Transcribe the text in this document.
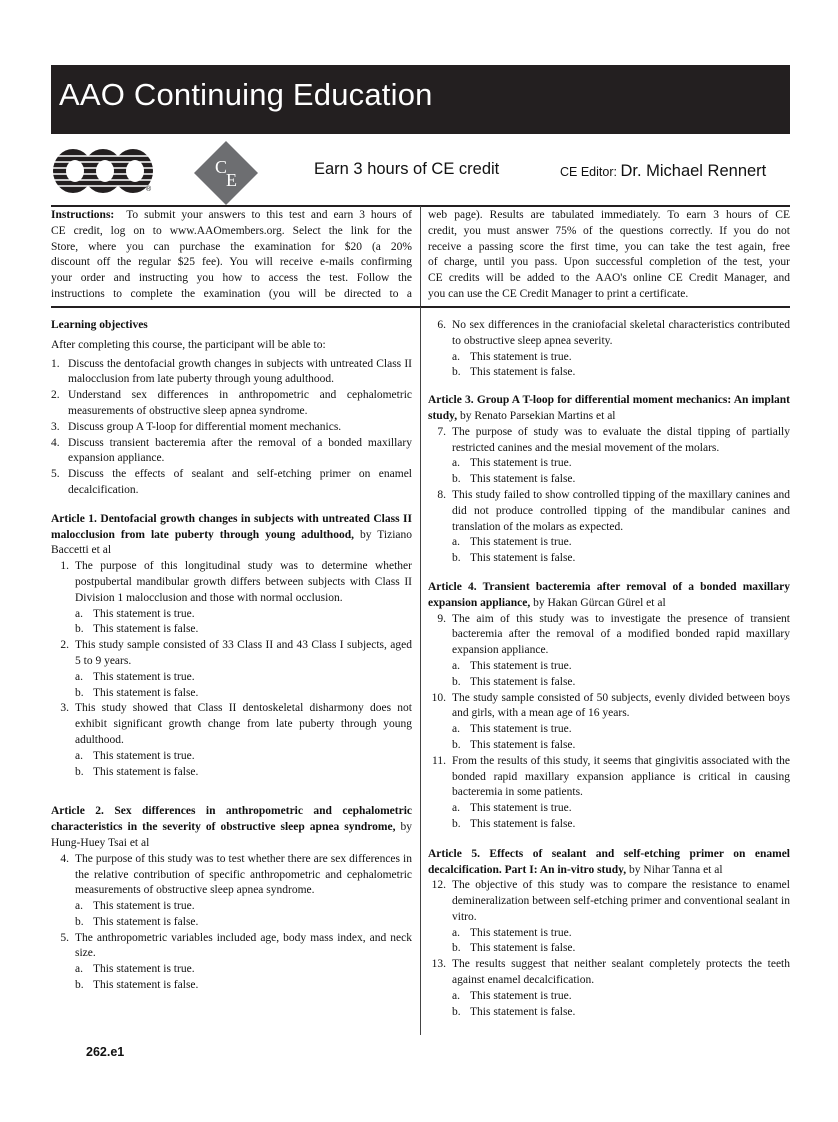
AAO Continuing Education
®
C
E
Earn 3 hours of CE credit	CE Editor: Dr. Michael Rennert
Instructions: To submit your answers to this test and earn 3 hours of
CE credit, log on to www.AAOmembers.org. Select the link for the
Store, where you can purchase the examination for $20 (a 20%
discount off the regular $25 fee). You will receive e-mails confirming
your order and instructing you how to access the test. Follow the
instructions to complete the examination (you will be directed to a
web page). Results are tabulated immediately. To earn 3 hours of CE
credit, you must answer 75% of the questions correctly. If you do not
receive a passing score the first time, you can take the test again, free
of charge, until you pass. Upon successful completion of the test, your
CE credits will be added to the AAO's online CE Credit Manager, and
you can use the CE Credit Manager to print a certificate.
Learning objectives
After completing this course, the participant will be able to:
1. Discuss the dentofacial growth changes in subjects with untreated Class II malocclusion from late puberty through young adulthood.
2. Understand sex differences in anthropometric and cephalometric measurements of obstructive sleep apnea syndrome.
3. Discuss group A T-loop for differential moment mechanics.
4. Discuss transient bacteremia after the removal of a bonded maxillary expansion appliance.
5. Discuss the effects of sealant and self-etching primer on enamel decalcification.
Article 1. Dentofacial growth changes in subjects with untreated Class II malocclusion from late puberty through young adulthood, by Tiziano Baccetti et al
1. The purpose of this longitudinal study was to determine whether postpubertal mandibular growth differs between subjects with Class II Division 1 malocclusion and those with normal occlusion.
a. This statement is true.
b. This statement is false.
2. This study sample consisted of 33 Class II and 43 Class I subjects, aged 5 to 9 years.
a. This statement is true.
b. This statement is false.
3. This study showed that Class II dentoskeletal disharmony does not exhibit significant growth change from late puberty through young adulthood.
a. This statement is true.
b. This statement is false.
Article 2. Sex differences in anthropometric and cephalometric characteristics in the severity of obstructive sleep apnea syndrome, by Hung-Huey Tsai et al
4. The purpose of this study was to test whether there are sex differences in the relative contribution of specific anthropometric and cephalometric measurements of obstructive sleep apnea syndrome.
a. This statement is true.
b. This statement is false.
5. The anthropometric variables included age, body mass index, and neck size.
a. This statement is true.
b. This statement is false.
6. No sex differences in the craniofacial skeletal characteristics contributed to obstructive sleep apnea severity.
a. This statement is true.
b. This statement is false.
Article 3. Group A T-loop for differential moment mechanics: An implant study, by Renato Parsekian Martins et al
7. The purpose of study was to evaluate the distal tipping of partially restricted canines and the mesial movement of the molars.
a. This statement is true.
b. This statement is false.
8. This study failed to show controlled tipping of the maxillary canines and did not produce controlled tipping of the mandibular canines and translation of the molars as expected.
a. This statement is true.
b. This statement is false.
Article 4. Transient bacteremia after removal of a bonded maxillary expansion appliance, by Hakan Gürcan Gürel et al
9. The aim of this study was to investigate the presence of transient bacteremia after the removal of a modified bonded rapid maxillary expansion appliance.
a. This statement is true.
b. This statement is false.
10. The study sample consisted of 50 subjects, evenly divided between boys and girls, with a mean age of 16 years.
a. This statement is true.
b. This statement is false.
11. From the results of this study, it seems that gingivitis associated with the bonded rapid maxillary expansion appliance is critical in causing bacteremia in some patients.
a. This statement is true.
b. This statement is false.
Article 5. Effects of sealant and self-etching primer on enamel decalcification. Part I: An in-vitro study, by Nihar Tanna et al
12. The objective of this study was to compare the resistance to enamel demineralization between self-etching primer and conventional sealant in vitro.
a. This statement is true.
b. This statement is false.
13. The results suggest that neither sealant completely protects the teeth against enamel decalcification.
a. This statement is true.
b. This statement is false.
262.e1
